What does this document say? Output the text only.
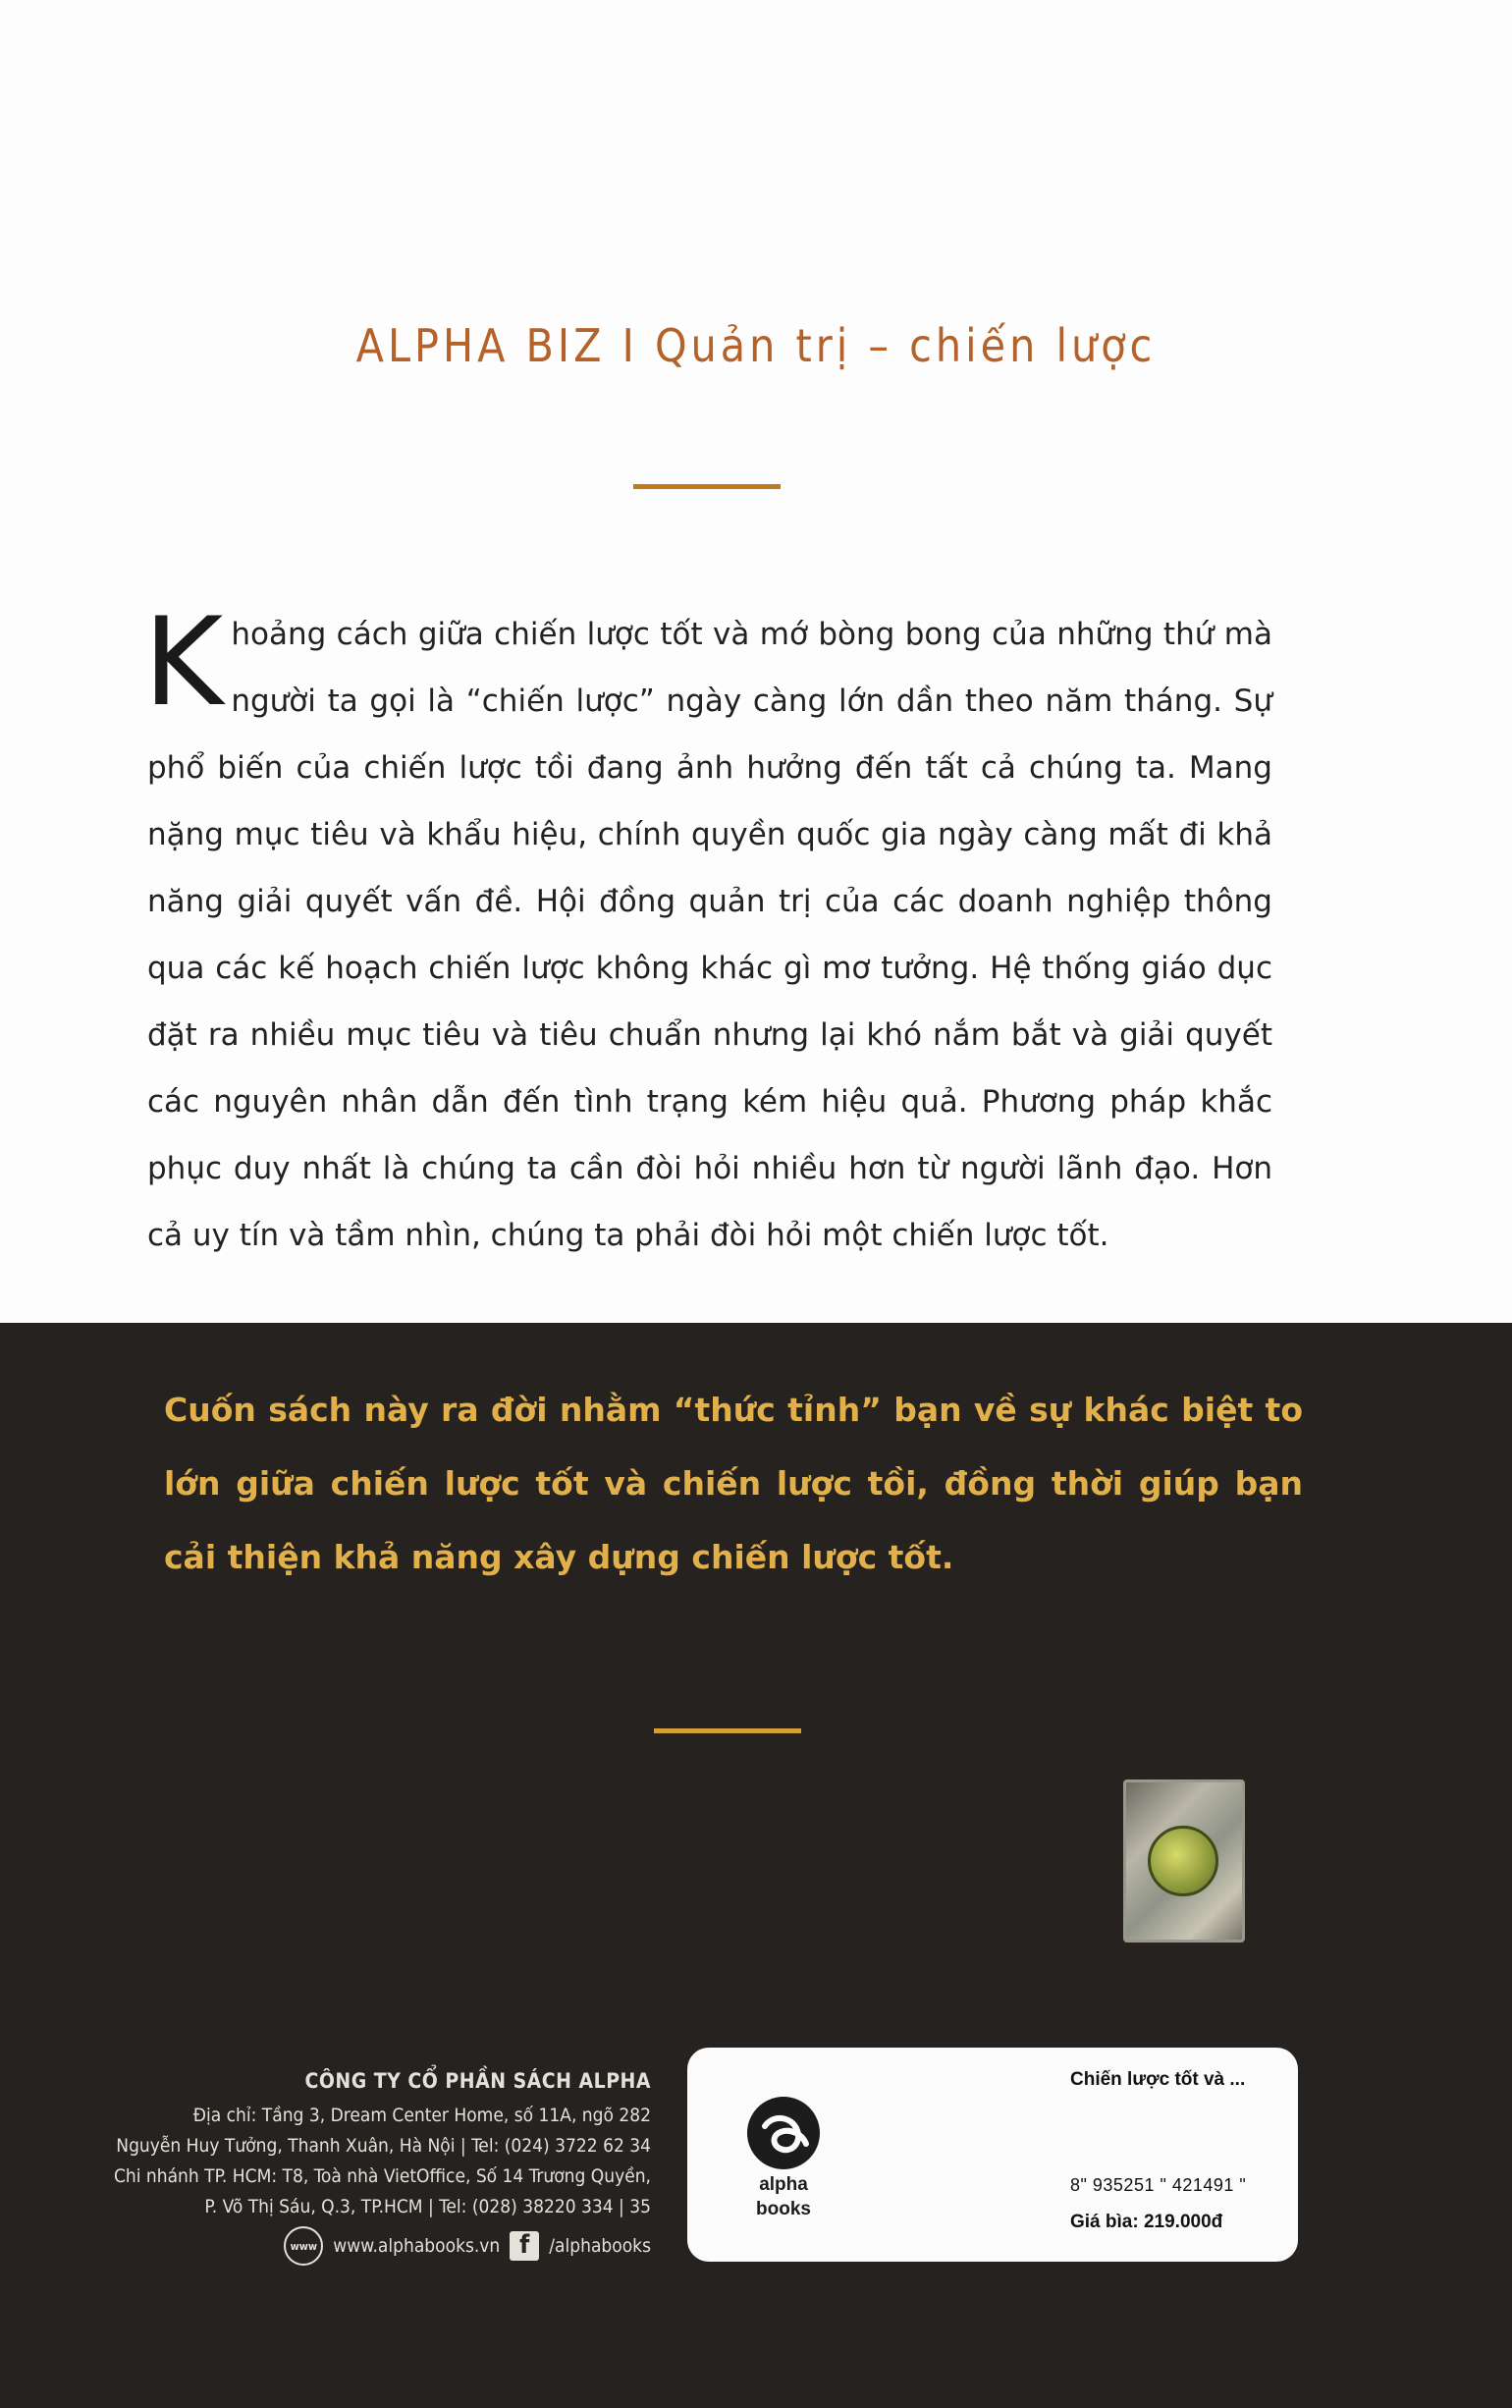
ALPHA BIZ I Quản trị – chiến lược

Khoảng cách giữa chiến lược tốt và mớ bòng bong của những thứ mà người ta gọi là “chiến lược” ngày càng lớn dần theo năm tháng. Sự phổ biến của chiến lược tồi đang ảnh hưởng đến tất cả chúng ta. Mang nặng mục tiêu và khẩu hiệu, chính quyền quốc gia ngày càng mất đi khả năng giải quyết vấn đề. Hội đồng quản trị của các doanh nghiệp thông qua các kế hoạch chiến lược không khác gì mơ tưởng. Hệ thống giáo dục đặt ra nhiều mục tiêu và tiêu chuẩn nhưng lại khó nắm bắt và giải quyết các nguyên nhân dẫn đến tình trạng kém hiệu quả. Phương pháp khắc phục duy nhất là chúng ta cần đòi hỏi nhiều hơn từ người lãnh đạo. Hơn cả uy tín và tầm nhìn, chúng ta phải đòi hỏi một chiến lược tốt.

Cuốn sách này ra đời nhằm “thức tỉnh” bạn về sự khác biệt to lớn giữa chiến lược tốt và chiến lược tồi, đồng thời giúp bạn cải thiện khả năng xây dựng chiến lược tốt.

CÔNG TY CỔ PHẦN SÁCH ALPHA
Địa chỉ: Tầng 3, Dream Center Home, số 11A, ngõ 282
Nguyễn Huy Tưởng, Thanh Xuân, Hà Nội | Tel: (024) 3722 62 34
Chi nhánh TP. HCM: T8, Toà nhà VietOffice, Số 14 Trương Quyền,
P. Võ Thị Sáu, Q.3, TP.HCM | Tel: (028) 38220 334 | 35
www www.alphabooks.vn f	/alphabooks
alpha
books
Chiến lược tốt và ...
8" 935251 " 421491 "
Giá bìa: 219.000đ
